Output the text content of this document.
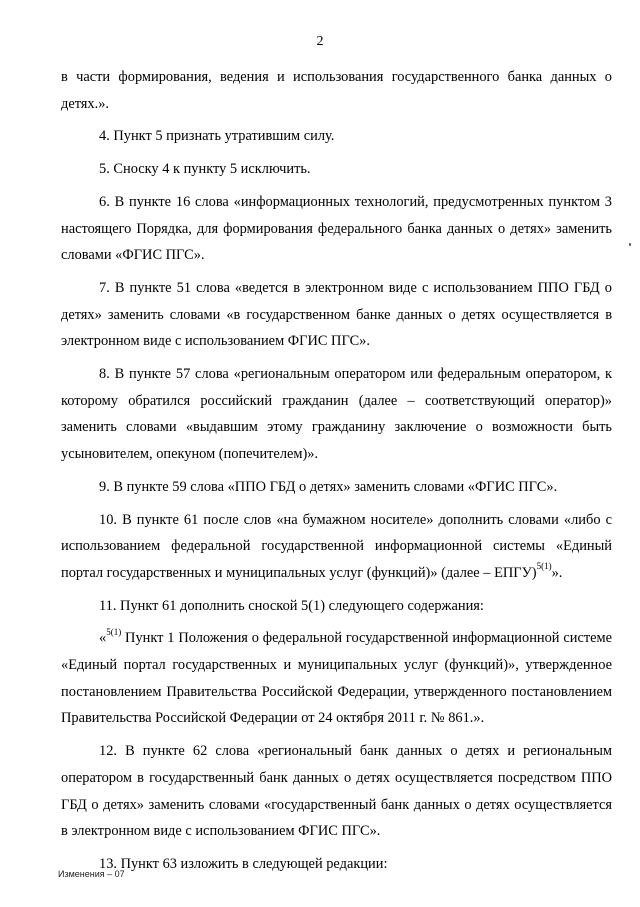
2

в части формирования, ведения и использования государственного банка данных о детях.».

4. Пункт 5 признать утратившим силу.

5. Сноску 4 к пункту 5 исключить.

6. В пункте 16 слова «информационных технологий, предусмотренных пунктом 3 настоящего Порядка, для формирования федерального банка данных о детях» заменить словами «ФГИС ПГС».

7. В пункте 51 слова «ведется в электронном виде с использованием ППО ГБД о детях» заменить словами «в государственном банке данных о детях осуществляется в электронном виде с использованием ФГИС ПГС».

8. В пункте 57 слова «региональным оператором или федеральным оператором, к которому обратился российский гражданин (далее – соответствующий оператор)» заменить словами «выдавшим этому гражданину заключение о возможности быть усыновителем, опекуном (попечителем)».

9. В пункте 59 слова «ППО ГБД о детях» заменить словами «ФГИС ПГС».

10. В пункте 61 после слов «на бумажном носителе» дополнить словами «либо с использованием федеральной государственной информационной системы «Единый портал государственных и муниципальных услуг (функций)» (далее – ЕПГУ)$^{5(1)}$».

11. Пункт 61 дополнить сноской 5(1) следующего содержания:

«$^{5(1)}$ Пункт 1 Положения о федеральной государственной информационной системе «Единый портал государственных и муниципальных услуг (функций)», утвержденное постановлением Правительства Российской Федерации, утвержденного постановлением Правительства Российской Федерации от 24 октября 2011 г. № 861.».

12. В пункте 62 слова «региональный банк данных о детях и региональным оператором в государственный банк данных о детях осуществляется посредством ППО ГБД о детях» заменить словами «государственный банк данных о детях осуществляется в электронном виде с использованием ФГИС ПГС».

13. Пункт 63 изложить в следующей редакции:

Изменения – 07
